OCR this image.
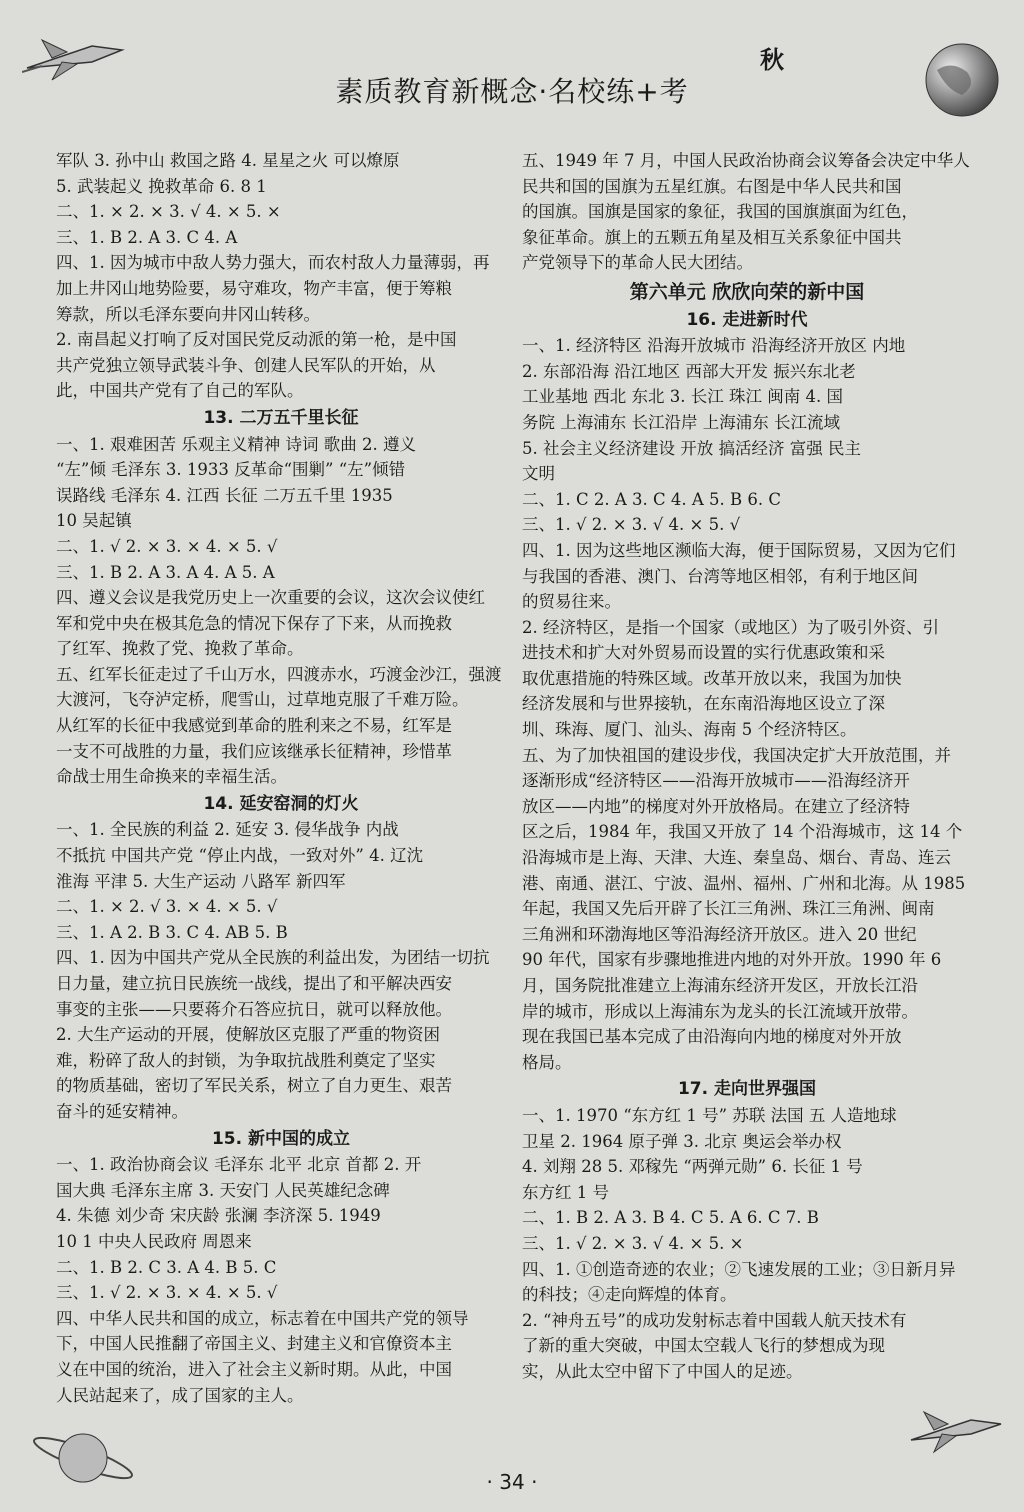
秋
素质教育新概念·名校练+考
军队 3. 孙中山 救国之路 4. 星星之火 可以燎原
5. 武装起义 挽救革命 6. 8 1
二、1. × 2. × 3. √ 4. × 5. ×
三、1. B 2. A 3. C 4. A
四、1. 因为城市中敌人势力强大，而农村敌人力量薄弱，再
加上井冈山地势险要，易守难攻，物产丰富，便于筹粮
筹款，所以毛泽东要向井冈山转移。
2. 南昌起义打响了反对国民党反动派的第一枪，是中国
共产党独立领导武装斗争、创建人民军队的开始，从
此，中国共产党有了自己的军队。
13. 二万五千里长征
一、1. 艰难困苦 乐观主义精神 诗词 歌曲 2. 遵义
“左”倾 毛泽东 3. 1933 反革命“围剿” “左”倾错
误路线 毛泽东 4. 江西 长征 二万五千里 1935
10 吴起镇
二、1. √ 2. × 3. × 4. × 5. √
三、1. B 2. A 3. A 4. A 5. A
四、遵义会议是我党历史上一次重要的会议，这次会议使红
军和党中央在极其危急的情况下保存了下来，从而挽救
了红军、挽救了党、挽救了革命。
五、红军长征走过了千山万水，四渡赤水，巧渡金沙江，强渡
大渡河，飞夺泸定桥，爬雪山，过草地克服了千难万险。
从红军的长征中我感觉到革命的胜利来之不易，红军是
一支不可战胜的力量，我们应该继承长征精神，珍惜革
命战士用生命换来的幸福生活。
14. 延安窑洞的灯火
一、1. 全民族的利益 2. 延安 3. 侵华战争 内战
不抵抗 中国共产党 “停止内战，一致对外” 4. 辽沈
淮海 平津 5. 大生产运动 八路军 新四军
二、1. × 2. √ 3. × 4. × 5. √
三、1. A 2. B 3. C 4. AB 5. B
四、1. 因为中国共产党从全民族的利益出发，为团结一切抗
日力量，建立抗日民族统一战线，提出了和平解决西安
事变的主张——只要蒋介石答应抗日，就可以释放他。
2. 大生产运动的开展，使解放区克服了严重的物资困
难，粉碎了敌人的封锁，为争取抗战胜利奠定了坚实
的物质基础，密切了军民关系，树立了自力更生、艰苦
奋斗的延安精神。
15. 新中国的成立
一、1. 政治协商会议 毛泽东 北平 北京 首都 2. 开
国大典 毛泽东主席 3. 天安门 人民英雄纪念碑
4. 朱德 刘少奇 宋庆龄 张澜 李济深 5. 1949
10 1 中央人民政府 周恩来
二、1. B 2. C 3. A 4. B 5. C
三、1. √ 2. × 3. × 4. × 5. √
四、中华人民共和国的成立，标志着在中国共产党的领导
下，中国人民推翻了帝国主义、封建主义和官僚资本主
义在中国的统治，进入了社会主义新时期。从此，中国
人民站起来了，成了国家的主人。
五、1949 年 7 月，中国人民政治协商会议筹备会决定中华人
民共和国的国旗为五星红旗。右图是中华人民共和国
的国旗。国旗是国家的象征，我国的国旗旗面为红色，
象征革命。旗上的五颗五角星及相互关系象征中国共
产党领导下的革命人民大团结。
第六单元 欣欣向荣的新中国
16. 走进新时代
一、1. 经济特区 沿海开放城市 沿海经济开放区 内地
2. 东部沿海 沿江地区 西部大开发 振兴东北老
工业基地 西北 东北 3. 长江 珠江 闽南 4. 国
务院 上海浦东 长江沿岸 上海浦东 长江流域
5. 社会主义经济建设 开放 搞活经济 富强 民主
文明
二、1. C 2. A 3. C 4. A 5. B 6. C
三、1. √ 2. × 3. √ 4. × 5. √
四、1. 因为这些地区濒临大海，便于国际贸易，又因为它们
与我国的香港、澳门、台湾等地区相邻，有利于地区间
的贸易往来。
2. 经济特区，是指一个国家（或地区）为了吸引外资、引
进技术和扩大对外贸易而设置的实行优惠政策和采
取优惠措施的特殊区域。改革开放以来，我国为加快
经济发展和与世界接轨，在东南沿海地区设立了深
圳、珠海、厦门、汕头、海南 5 个经济特区。
五、为了加快祖国的建设步伐，我国决定扩大开放范围，并
逐渐形成“经济特区——沿海开放城市——沿海经济开
放区——内地”的梯度对外开放格局。在建立了经济特
区之后，1984 年，我国又开放了 14 个沿海城市，这 14 个
沿海城市是上海、天津、大连、秦皇岛、烟台、青岛、连云
港、南通、湛江、宁波、温州、福州、广州和北海。从 1985
年起，我国又先后开辟了长江三角洲、珠江三角洲、闽南
三角洲和环渤海地区等沿海经济开放区。进入 20 世纪
90 年代，国家有步骤地推进内地的对外开放。1990 年 6
月，国务院批准建立上海浦东经济开发区，开放长江沿
岸的城市，形成以上海浦东为龙头的长江流域开放带。
现在我国已基本完成了由沿海向内地的梯度对外开放
格局。
17. 走向世界强国
一、1. 1970 “东方红 1 号” 苏联 法国 五 人造地球
卫星 2. 1964 原子弹 3. 北京 奥运会举办权
4. 刘翔 28 5. 邓稼先 “两弹元勋” 6. 长征 1 号
东方红 1 号
二、1. B 2. A 3. B 4. C 5. A 6. C 7. B
三、1. √ 2. × 3. √ 4. × 5. ×
四、1. ①创造奇迹的农业；②飞速发展的工业；③日新月异
的科技；④走向辉煌的体育。
2. “神舟五号”的成功发射标志着中国载人航天技术有
了新的重大突破，中国太空载人飞行的梦想成为现
实，从此太空中留下了中国人的足迹。
· 34 ·
